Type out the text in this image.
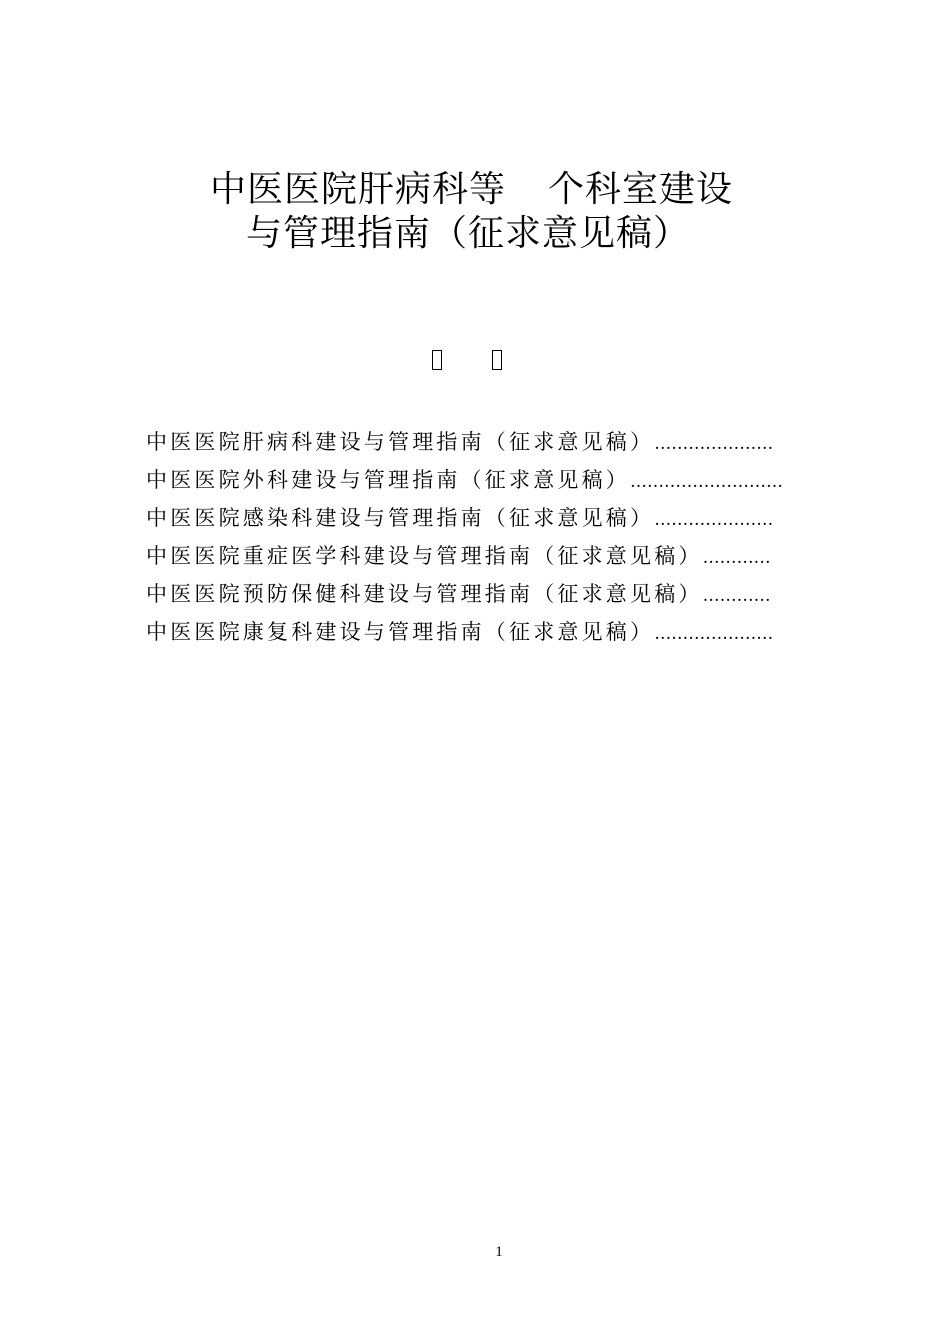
中医医院肝病科等 个科室建设
与管理指南（征求意见稿）
中医医院肝病科建设与管理指南（征求意见稿）…………………
中医医院外科建设与管理指南（征求意见稿）………………………
中医医院感染科建设与管理指南（征求意见稿）…………………
中医医院重症医学科建设与管理指南（征求意见稿）…………
中医医院预防保健科建设与管理指南（征求意见稿）…………
中医医院康复科建设与管理指南（征求意见稿）…………………
1
